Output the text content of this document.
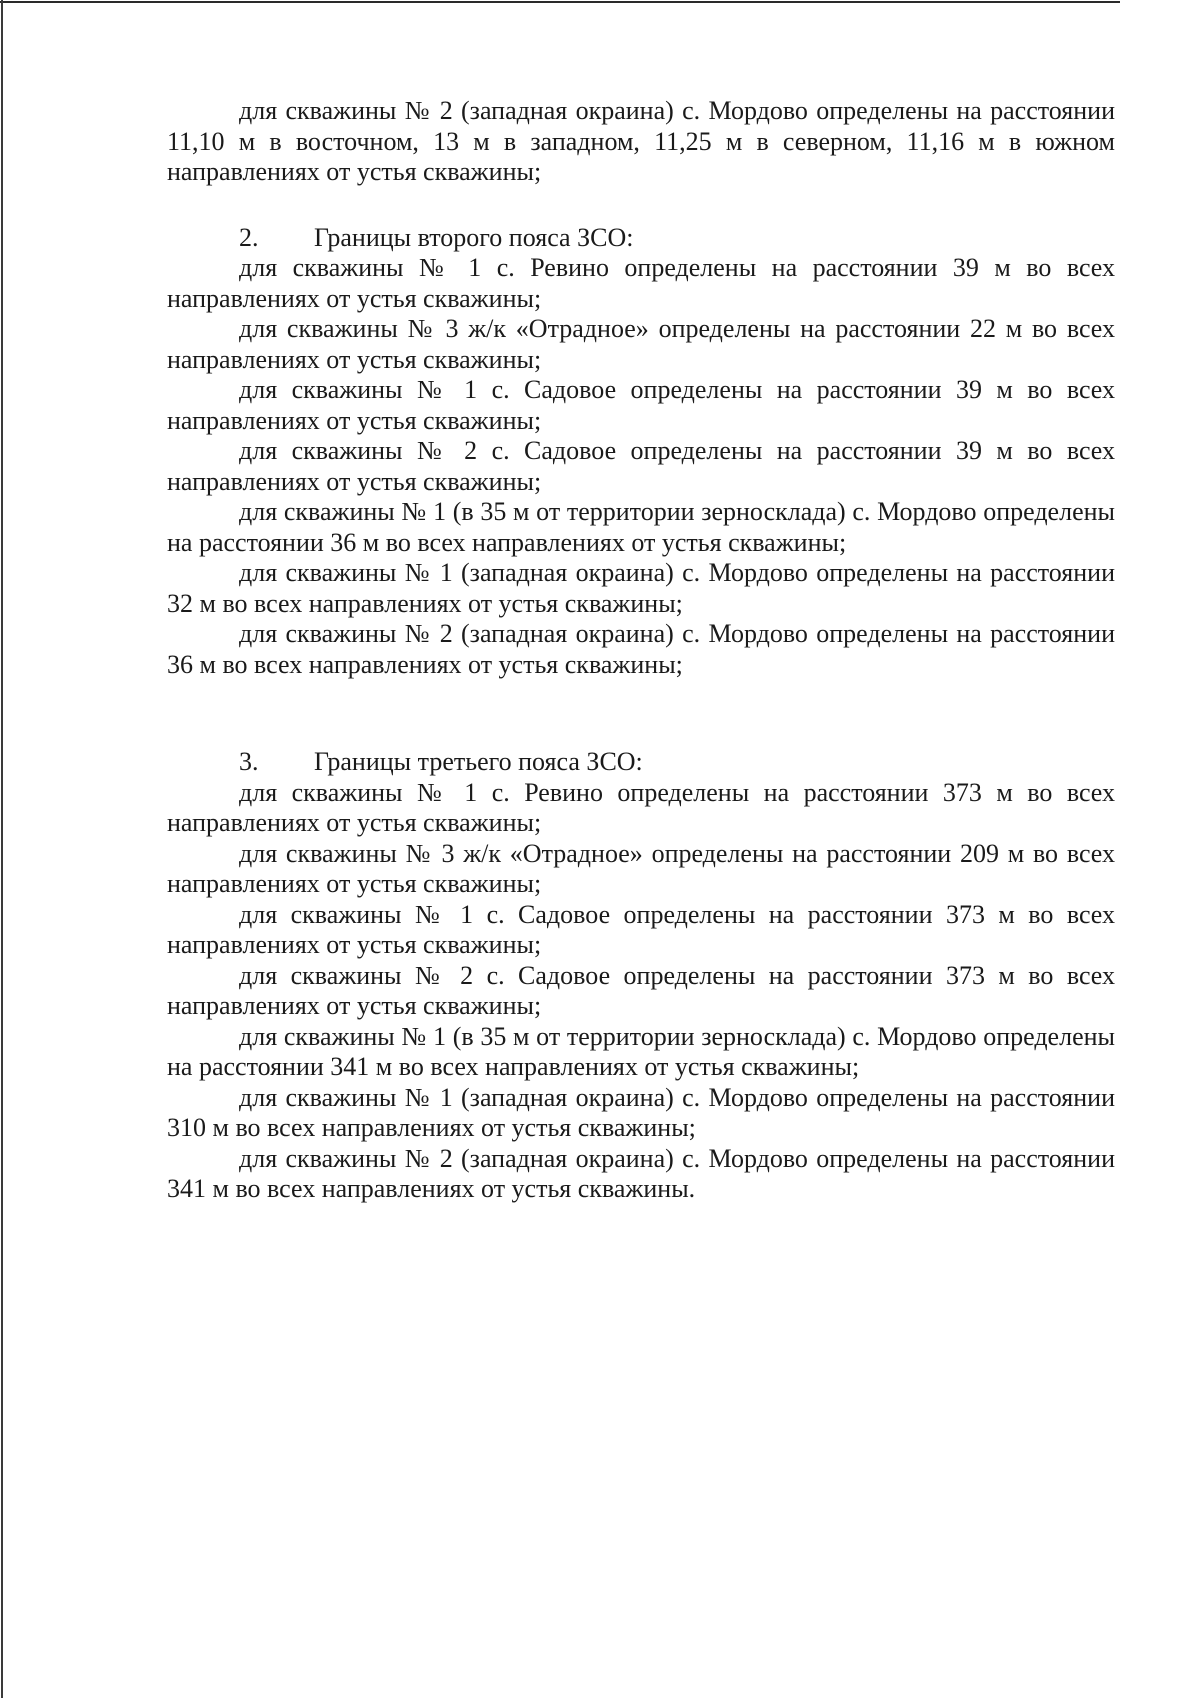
для скважины № 2 (западная окраина) с. Мордово определены на расстоянии 11,10 м в восточном, 13 м в западном, 11,25 м в северном, 11,16 м в южном направлениях от устья скважины;

2. Границы второго пояса ЗСО:

для скважины № 1 с. Ревино определены на расстоянии 39 м во всех направлениях от устья скважины;

для скважины № 3 ж/к «Отрадное» определены на расстоянии 22 м во всех направлениях от устья скважины;

для скважины № 1 с. Садовое определены на расстоянии 39 м во всех направлениях от устья скважины;

для скважины № 2 с. Садовое определены на расстоянии 39 м во всех направлениях от устья скважины;

для скважины № 1 (в 35 м от территории зерносклада) с. Мордово определены на расстоянии 36 м во всех направлениях от устья скважины;

для скважины № 1 (западная окраина) с. Мордово определены на расстоянии 32 м во всех направлениях от устья скважины;

для скважины № 2 (западная окраина) с. Мордово определены на расстоянии 36 м во всех направлениях от устья скважины;

3. Границы третьего пояса ЗСО:

для скважины № 1 с. Ревино определены на расстоянии 373 м во всех направлениях от устья скважины;

для скважины № 3 ж/к «Отрадное» определены на расстоянии 209 м во всех направлениях от устья скважины;

для скважины № 1 с. Садовое определены на расстоянии 373 м во всех направлениях от устья скважины;

для скважины № 2 с. Садовое определены на расстоянии 373 м во всех направлениях от устья скважины;

для скважины № 1 (в 35 м от территории зерносклада) с. Мордово определены на расстоянии 341 м во всех направлениях от устья скважины;

для скважины № 1 (западная окраина) с. Мордово определены на расстоянии 310 м во всех направлениях от устья скважины;

для скважины № 2 (западная окраина) с. Мордово определены на расстоянии 341 м во всех направлениях от устья скважины.
